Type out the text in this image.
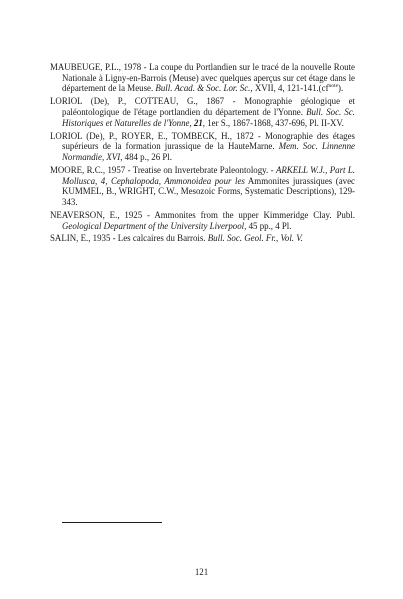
MAUBEUGE, P.L., 1978 - La coupe du Portlandien sur le tracé de la nouvelle Route Nationale à Ligny-en-Barrois (Meuse) avec quelques aperçus sur cet étage dans le département de la Meuse. Bull. Acad. & Soc. Lor. Sc., XVII, 4, $121-141.(cf^{note})$.

LORIOL (De), P., COTTEAU, G., 1867 - Monographie géologique et paléontologique de l'étage portlandien du département de l'Yonne. Bull. Soc. Sc. Historiques et Naturelles de l'Yonne, 21, 1er S., 1867-1868, 437-696, Pl. II-XV.

LORIOL (De), P., ROYER, E., TOMBECK, H., 1872 - Monographie des étages supérieurs de la formation jurassique de la HauteMarne. Mem. Soc. Linnenne Normandie, XVI, 484 p., 26 Pl.

MOORE, R.C., 1957 - Treatise on Invertebrate Paleontology. - ARKELL W.J., Part L. Mollusca, 4, Cephalopoda, Ammonoidea pour les Ammonites jurassiques (avec KUMMEL, B., WRIGHT, C.W., Mesozoic Forms, Systematic Descriptions), 129-343.

NEAVERSON, E., 1925 - Ammonites from the upper Kimmeridge Clay. Publ. Geological Department of the University Liverpool, 45 pp., 4 Pl.

SALIN, E., 1935 - Les calcaires du Barrois. Bull. Soc. Geol. Fr., Vol. V.

121
